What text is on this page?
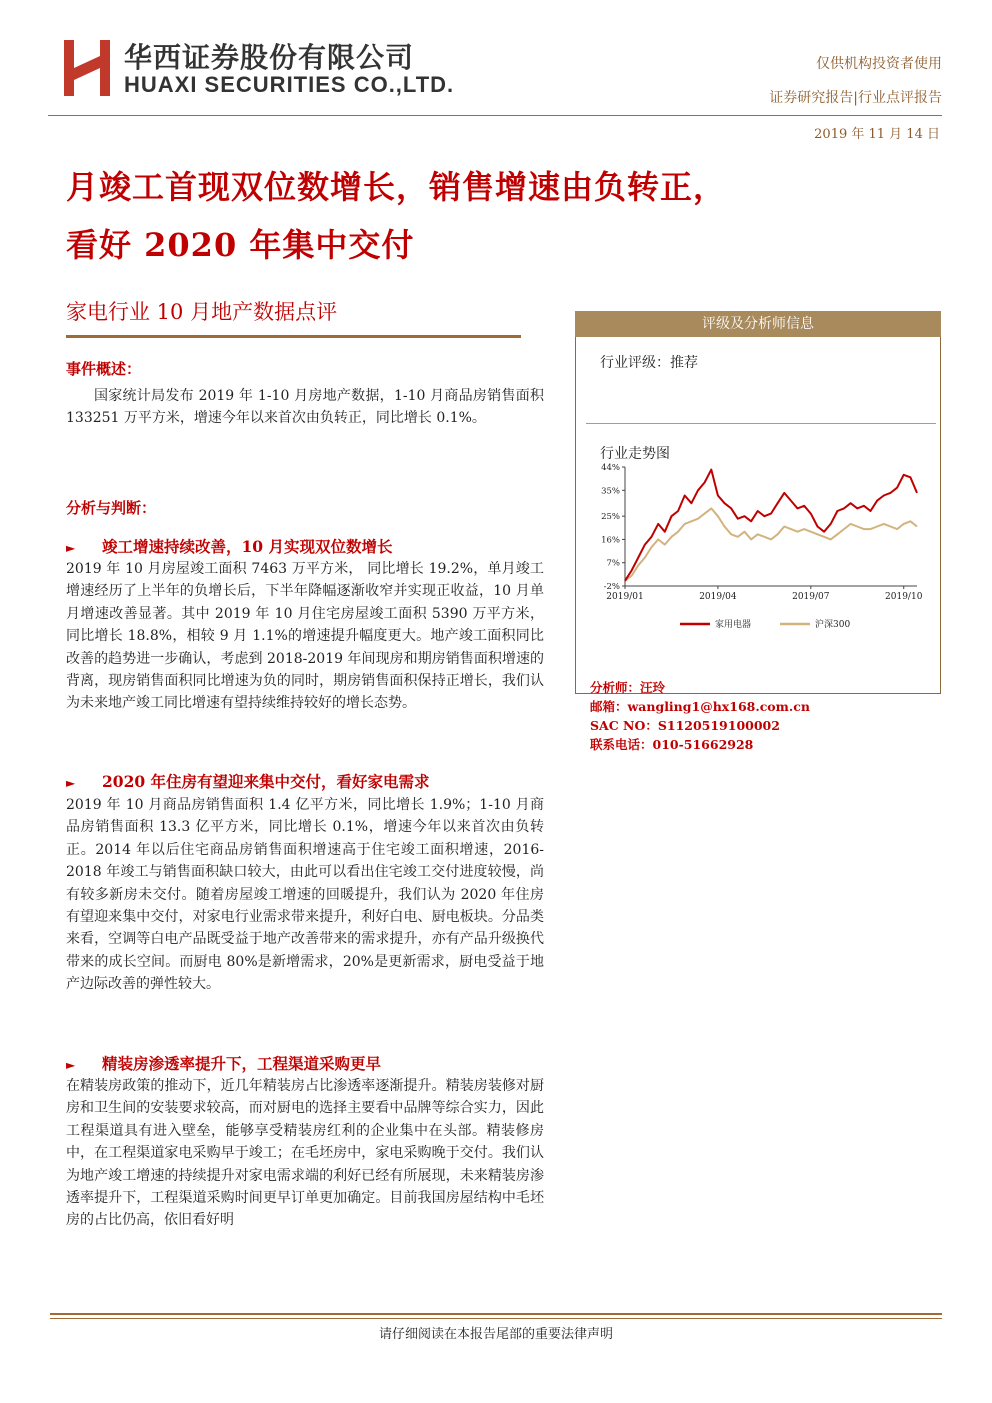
华西证券股份有限公司
HUAXI SECURITIES CO.,LTD.
仅供机构投资者使用
证券研究报告|行业点评报告
2019 年 11 月 14 日
月竣工首现双位数增长，销售增速由负转正，
看好 2020 年集中交付
家电行业 10 月地产数据点评
事件概述：
国家统计局发布 2019 年 1-10 月房地产数据，1-10 月商品房销售面积 133251 万平方米，增速今年以来首次由负转正，同比增长 0.1%。
分析与判断：
► 竣工增速持续改善，10 月实现双位数增长
2019 年 10 月房屋竣工面积 7463 万平方米， 同比增长 19.2%，单月竣工增速经历了上半年的负增长后，下半年降幅逐渐收窄并实现正收益，10 月单月增速改善显著。其中 2019 年 10 月住宅房屋竣工面积 5390 万平方米，同比增长 18.8%，相较 9 月 1.1%的增速提升幅度更大。地产竣工面积同比改善的趋势进一步确认，考虑到 2018-2019 年间现房和期房销售面积增速的背离，现房销售面积同比增速为负的同时，期房销售面积保持正增长，我们认为未来地产竣工同比增速有望持续维持较好的增长态势。
► 2020 年住房有望迎来集中交付，看好家电需求
2019 年 10 月商品房销售面积 1.4 亿平方米，同比增长 1.9%；1-10 月商品房销售面积 13.3 亿平方米，同比增长 0.1%，增速今年以来首次由负转正。2014 年以后住宅商品房销售面积增速高于住宅竣工面积增速，2016-2018 年竣工与销售面积缺口较大，由此可以看出住宅竣工交付进度较慢，尚有较多新房未交付。随着房屋竣工增速的回暖提升，我们认为 2020 年住房有望迎来集中交付，对家电行业需求带来提升，利好白电、厨电板块。分品类来看，空调等白电产品既受益于地产改善带来的需求提升，亦有产品升级换代带来的成长空间。而厨电 80%是新增需求，20%是更新需求，厨电受益于地产边际改善的弹性较大。
► 精装房渗透率提升下，工程渠道采购更早
在精装房政策的推动下，近几年精装房占比渗透率逐渐提升。精装房装修对厨房和卫生间的安装要求较高，而对厨电的选择主要看中品牌等综合实力，因此工程渠道具有进入壁垒，能够享受精装房红利的企业集中在头部。精装修房中，在工程渠道家电采购早于竣工；在毛坯房中，家电采购晚于交付。我们认为地产竣工增速的持续提升对家电需求端的利好已经有所展现，未来精装房渗透率提升下，工程渠道采购时间更早订单更加确定。目前我国房屋结构中毛坯房的占比仍高，依旧看好明
评级及分析师信息
行业评级：推荐
行业走势图
44%
35%
25%
16%
7%
-2%
2019/01	2019/04	2019/07	2019/10
家用电器	沪深300
分析师：汪玲
邮箱：wangling1@hx168.com.cn
SAC NO：S1120519100002
联系电话：010-51662928
请仔细阅读在本报告尾部的重要法律声明
